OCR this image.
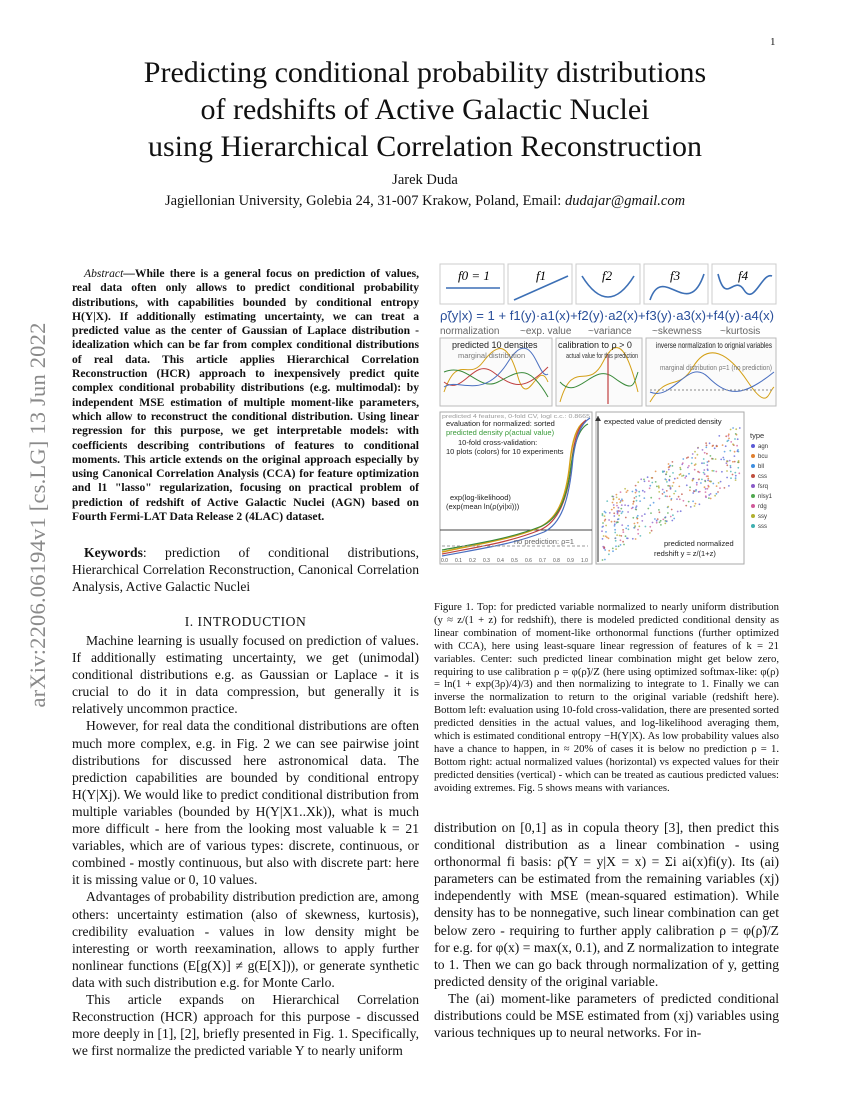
1
arXiv:2206.06194v1 [cs.LG] 13 Jun 2022
Predicting conditional probability distributions
of redshifts of Active Galactic Nuclei
using Hierarchical Correlation Reconstruction
Jarek Duda
Jagiellonian University, Golebia 24, 31-007 Krakow, Poland, Email: dudajar@gmail.com
Abstract—While there is a general focus on prediction of values, real data often only allows to predict conditional probability distributions, with capabilities bounded by conditional entropy H(Y|X). If additionally estimating uncertainty, we can treat a predicted value as the center of Gaussian of Laplace distribution - idealization which can be far from complex conditional distributions of real data. This article applies Hierarchical Correlation Reconstruction (HCR) approach to inexpensively predict quite complex conditional probability distributions (e.g. multimodal): by independent MSE estimation of multiple moment-like parameters, which allow to reconstruct the conditional distribution. Using linear regression for this purpose, we get interpretable models: with coefficients describing contributions of features to conditional moments. This article extends on the original approach especially by using Canonical Correlation Analysis (CCA) for feature optimization and l1 "lasso" regularization, focusing on practical problem of prediction of redshift of Active Galactic Nuclei (AGN) based on Fourth Fermi-LAT Data Release 2 (4LAC) dataset.
Keywords: prediction of conditional distributions, Hierarchical Correlation Reconstruction, Canonical Correlation Analysis, Active Galactic Nuclei
I. INTRODUCTION

Machine learning is usually focused on prediction of values. If additionally estimating uncertainty, we get (unimodal) conditional distributions e.g. as Gaussian or Laplace - it is crucial to do it in data compression, but generally it is relatively uncommon practice.

However, for real data the conditional distributions are often much more complex, e.g. in Fig. 2 we can see pairwise joint distributions for discussed here astronomical data. The prediction capabilities are bounded by conditional entropy H(Y|Xj). We would like to predict conditional distribution from multiple variables (bounded by H(Y|X1..Xk)), what is much more difficult - here from the looking most valuable k = 21 variables, which are of various types: discrete, continuous, or combined - mostly continuous, but also with discrete part: here it is missing value or 0, 10 values.

Advantages of probability distribution prediction are, among others: uncertainty estimation (also of skewness, kurtosis), credibility evaluation - values in low density might be interesting or worth reexamination, allows to apply further nonlinear functions (E[g(X)] ≠ g(E[X])), or generate synthetic data with such distribution e.g. for Monte Carlo.

This article expands on Hierarchical Correlation Reconstruction (HCR) approach for this purpose - discussed more deeply in [1], [2], briefly presented in Fig. 1. Specifically, we first normalize the predicted variable Y to nearly uniform

f0 = 1	f1	f2	f3	f4
ρ̃(y|x) = 1 + f1(y)·a1(x)+f2(y)·a2(x)+f3(y)·a3(x)+f4(y)·a4(x)
normalization ~exp. value ~variance ~skewness ~kurtosis
predicted 10 densites
marginal distribution
calibration to ρ > 0
actual value for this prediction
inverse normalization to orignial variables
marginal distribution ρ=1 (no prediction)
predicted 4 features, 0-fold CV, logl c.c.: 0.8665
evaluation for normalized: sorted
predicted density ρ(actual value)
10-fold cross-validation:
10 plots (colors) for 10 experiments
exp(log-likelihood)
(exp(mean ln(ρ(yi|xi)))
no prediction: ρ=1
0.0 0.1 0.2 0.3 0.4 0.5 0.6 0.7 0.8 0.9 1.0
expected value of predicted density
predicted normalized
redshift y ≈ z/(1+z)
type
agn
bcu
bll
css
fsrq
nlsy1
rdg
ssy
sss
Figure 1. Top: for predicted variable normalized to nearly uniform distribution (y ≈ z/(1 + z) for redshift), there is modeled predicted conditional density as linear combination of moment-like orthonormal functions (further optimized with CCA), here using least-square linear regression of features of k = 21 variables. Center: such predicted linear combination might get below zero, requiring to use calibration ρ = φ(ρ̃)/Z (here using optimized softmax-like: φ(ρ) = ln(1 + exp(3ρ)/4)/3) and then normalizing to integrate to 1. Finally we can inverse the normalization to return to the original variable (redshift here). Bottom left: evaluation using 10-fold cross-validation, there are presented sorted predicted densities in the actual values, and log-likelihood averaging them, which is estimated conditional entropy −H(Y|X). As low probability values also have a chance to happen, in ≈ 20% of cases it is below no prediction ρ = 1. Bottom right: actual normalized values (horizontal) vs expected values for their predicted densities (vertical) - which can be treated as cautious predicted values: avoiding extremes. Fig. 5 shows means with variances.

distribution on [0,1] as in copula theory [3], then predict this conditional distribution as a linear combination - using orthonormal fi basis: ρ̃(Y = y|X = x) = Σi ai(x)fi(y). Its (ai) parameters can be estimated from the remaining variables (xj) independently with MSE (mean-squared estimation). While density has to be nonnegative, such linear combination can get below zero - requiring to further apply calibration ρ = φ(ρ̃)/Z for e.g. for φ(x) = max(x, 0.1), and Z normalization to integrate to 1. Then we can go back through normalization of y, getting predicted density of the original variable.

The (ai) moment-like parameters of predicted conditional distributions could be MSE estimated from (xj) variables using various techniques up to neural networks. For in-
